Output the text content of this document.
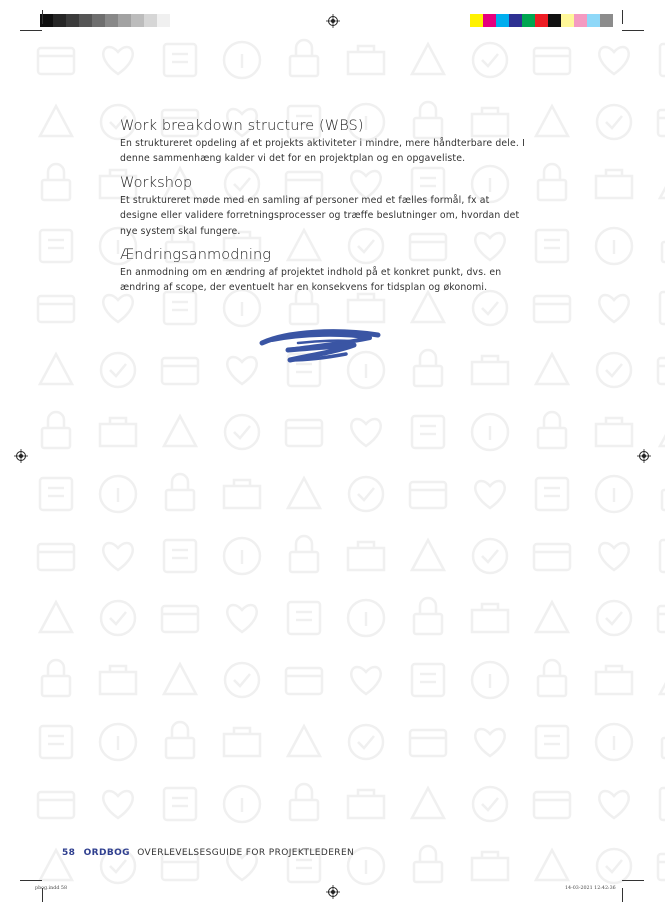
Work breakdown structure (WBS)

En struktureret opdeling af et projekts aktiviteter i mindre, mere håndterbare dele. I
denne sammenhæng kalder vi det for en projektplan og en opgaveliste.

Workshop

Et struktureret møde med en samling af personer med et fælles formål, fx at
designe eller validere forretningsprocesser og træffe beslutninger om, hvordan det
nye system skal fungere.

Ændringsanmodning

En anmodning om en ændring af projektet indhold på et konkret punkt, dvs. en
ændring af scope, der eventuelt har en konsekvens for tidsplan og økonomi.

58 ORDBOG OVERLEVELSESGUIDE FOR PROJEKTLEDEREN
pbog.indd 58	14-03-2021 12:42:36
